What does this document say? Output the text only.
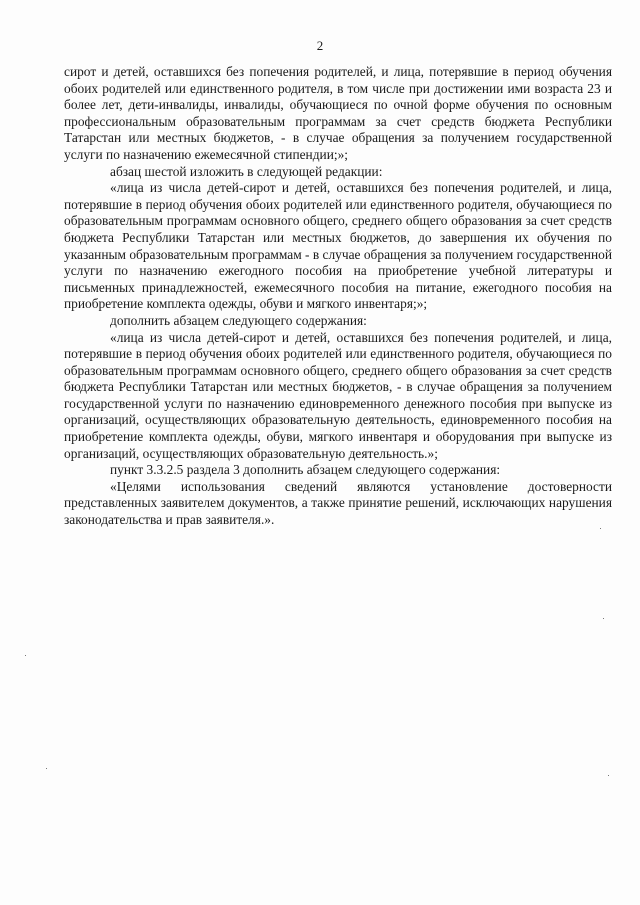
2

сирот и детей, оставшихся без попечения родителей, и лица, потерявшие в период обучения обоих родителей или единственного родителя, в том числе при достижении ими возраста 23 и более лет, дети-инвалиды, инвалиды, обучающиеся по очной форме обучения по основным профессиональным образовательным программам за счет средств бюджета Республики Татарстан или местных бюджетов, - в случае обращения за получением государственной услуги по назначению ежемесячной стипендии;»;

абзац шестой изложить в следующей редакции:

«лица из числа детей-сирот и детей, оставшихся без попечения родителей, и лица, потерявшие в период обучения обоих родителей или единственного родителя, обучающиеся по образовательным программам основного общего, среднего общего образования за счет средств бюджета Республики Татарстан или местных бюджетов, до завершения их обучения по указанным образовательным программам - в случае обращения за получением государственной услуги по назначению ежегодного пособия на приобретение учебной литературы и письменных принадлежностей, ежемесячного пособия на питание, ежегодного пособия на приобретение комплекта одежды, обуви и мягкого инвентаря;»;

дополнить абзацем следующего содержания:

«лица из числа детей-сирот и детей, оставшихся без попечения родителей, и лица, потерявшие в период обучения обоих родителей или единственного родителя, обучающиеся по образовательным программам основного общего, среднего общего образования за счет средств бюджета Республики Татарстан или местных бюджетов, - в случае обращения за получением государственной услуги по назначению единовременного денежного пособия при выпуске из организаций, осуществляющих образовательную деятельность, единовременного пособия на приобретение комплекта одежды, обуви, мягкого инвентаря и оборудования при выпуске из организаций, осуществляющих образовательную деятельность.»;

пункт 3.3.2.5 раздела 3 дополнить абзацем следующего содержания:

«Целями использования сведений являются установление достоверности представленных заявителем документов, а также принятие решений, исключающих нарушения законодательства и прав заявителя.».
